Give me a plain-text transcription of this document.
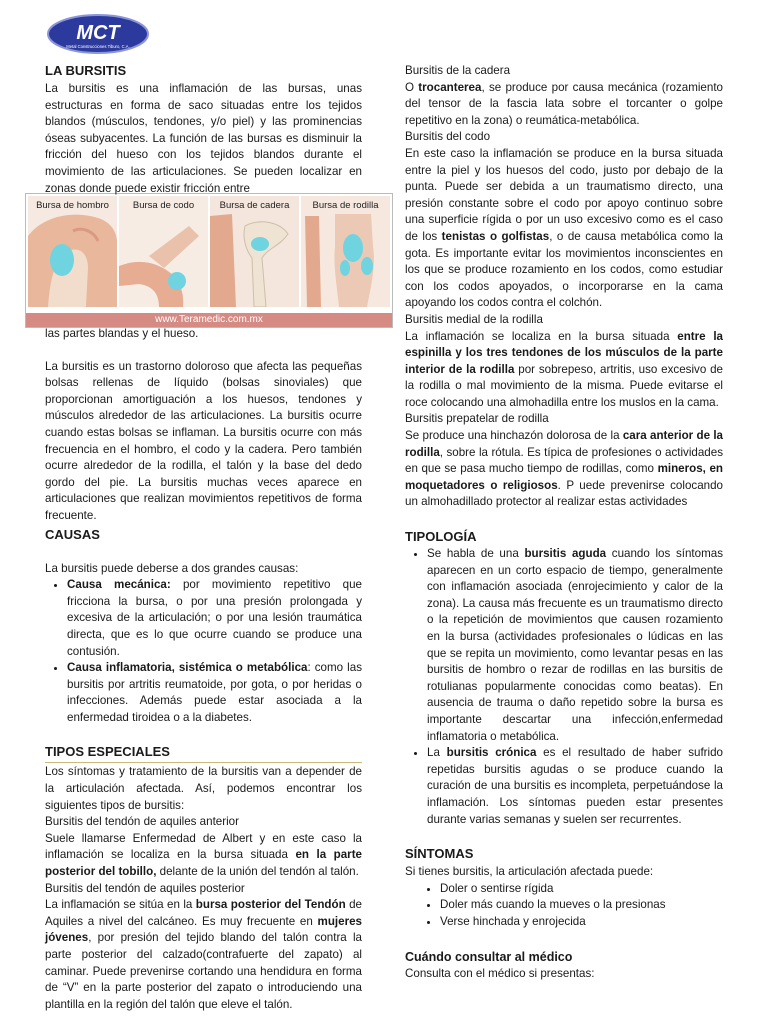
MCT
Metal Construcciones Tiburo, C.A.
Bursa de hombro	Bursa de codo	Bursa de cadera	Bursa de rodilla
www.Teramedic.com.mx

LA BURSITIS

La bursitis es una inflamación de las bursas, unas estructuras en forma de saco situadas entre los tejidos blandos (músculos, tendones, y/o piel) y las prominencias óseas subyacentes. La función de las bursas es disminuir la fricción del hueso con los tejidos blandos durante el movimiento de las articulaciones. Se pueden localizar en zonas donde puede existir fricción entre

las partes blandas y el hueso.

La bursitis es un trastorno doloroso que afecta las pequeñas bolsas rellenas de líquido (bolsas sinoviales) que proporcionan amortiguación a los huesos, tendones y músculos alrededor de las articulaciones. La bursitis ocurre cuando estas bolsas se inflaman. La bursitis ocurre con más frecuencia en el hombro, el codo y la cadera. Pero también ocurre alrededor de la rodilla, el talón y la base del dedo gordo del pie. La bursitis muchas veces aparece en articulaciones que realizan movimientos repetitivos de forma frecuente.

CAUSAS

La bursitis puede deberse a dos grandes causas:

• Causa mecánica: por movimiento repetitivo que fricciona la bursa, o por una presión prolongada y excesiva de la articulación; o por una lesión traumática directa, que es lo que ocurre cuando se produce una contusión.
• Causa inflamatoria, sistémica o metabólica: como las bursitis por artritis reumatoide, por gota, o por heridas o infecciones. Además puede estar asociada a la enfermedad tiroidea o a la diabetes.

TIPOS ESPECIALES

Los síntomas y tratamiento de la bursitis van a depender de la articulación afectada. Así, podemos encontrar los siguientes tipos de bursitis:

Bursitis del tendón de aquiles anterior

Suele llamarse Enfermedad de Albert y en este caso la inflamación se localiza en la bursa situada en la parte posterior del tobillo, delante de la unión del tendón al talón.

Bursitis del tendón de aquiles posterior

La inflamación se sitúa en la bursa posterior del Tendón de Aquiles a nivel del calcáneo. Es muy frecuente en mujeres jóvenes, por presión del tejido blando del talón contra la parte posterior del calzado(contrafuerte del zapato) al caminar. Puede prevenirse cortando una hendidura en forma de “V” en la parte posterior del zapato o introduciendo una plantilla en la región del talón que eleve el talón.

Bursitis de la cadera

O trocanterea, se produce por causa mecánica (rozamiento del tensor de la fascia lata sobre el torcanter o golpe repetitivo en la zona) o reumática-metabólica.

Bursitis del codo

En este caso la inflamación se produce en la bursa situada entre la piel y los huesos del codo, justo por debajo de la punta. Puede ser debida a un traumatismo directo, una presión constante sobre el codo por apoyo continuo sobre una superficie rígida o por un uso excesivo como es el caso de los tenistas o golfistas, o de causa metabólica como la gota. Es importante evitar los movimientos inconscientes en los que se produce rozamiento en los codos, como estudiar con los codos apoyados, o incorporarse en la cama apoyando los codos contra el colchón.

Bursitis medial de la rodilla

La inflamación se localiza en la bursa situada entre la espinilla y los tres tendones de los músculos de la parte interior de la rodilla por sobrepeso, artritis, uso excesivo de la rodilla o mal movimiento de la misma. Puede evitarse el roce colocando una almohadilla entre los muslos en la cama.

Bursitis prepatelar de rodilla

Se produce una hinchazón dolorosa de la cara anterior de la rodilla, sobre la rótula. Es típica de profesiones o actividades en que se pasa mucho tiempo de rodillas, como mineros, en moquetadores o religiosos. P uede prevenirse colocando un almohadillado protector al realizar estas actividades

TIPOLOGÍA

• Se habla de una bursitis aguda cuando los síntomas aparecen en un corto espacio de tiempo, generalmente con inflamación asociada (enrojecimiento y calor de la zona). La causa más frecuente es un traumatismo directo o la repetición de movimientos que causen rozamiento en la bursa (actividades profesionales o lúdicas en las que se repita un movimiento, como levantar pesas en las bursitis de hombro o rezar de rodillas en las bursitis de rotulianas popularmente conocidas como beatas). En ausencia de trauma o daño repetido sobre la bursa es importante descartar una infección,enfermedad inflamatoria o metabólica.
• La bursitis crónica es el resultado de haber sufrido repetidas bursitis agudas o se produce cuando la curación de una bursitis es incompleta, perpetuándose la inflamación. Los síntomas pueden estar presentes durante varias semanas y suelen ser recurrentes.

SÍNTOMAS

Si tienes bursitis, la articulación afectada puede:

• Doler o sentirse rígida
• Doler más cuando la mueves o la presionas
• Verse hinchada y enrojecida

Cuándo consultar al médico

Consulta con el médico si presentas:
